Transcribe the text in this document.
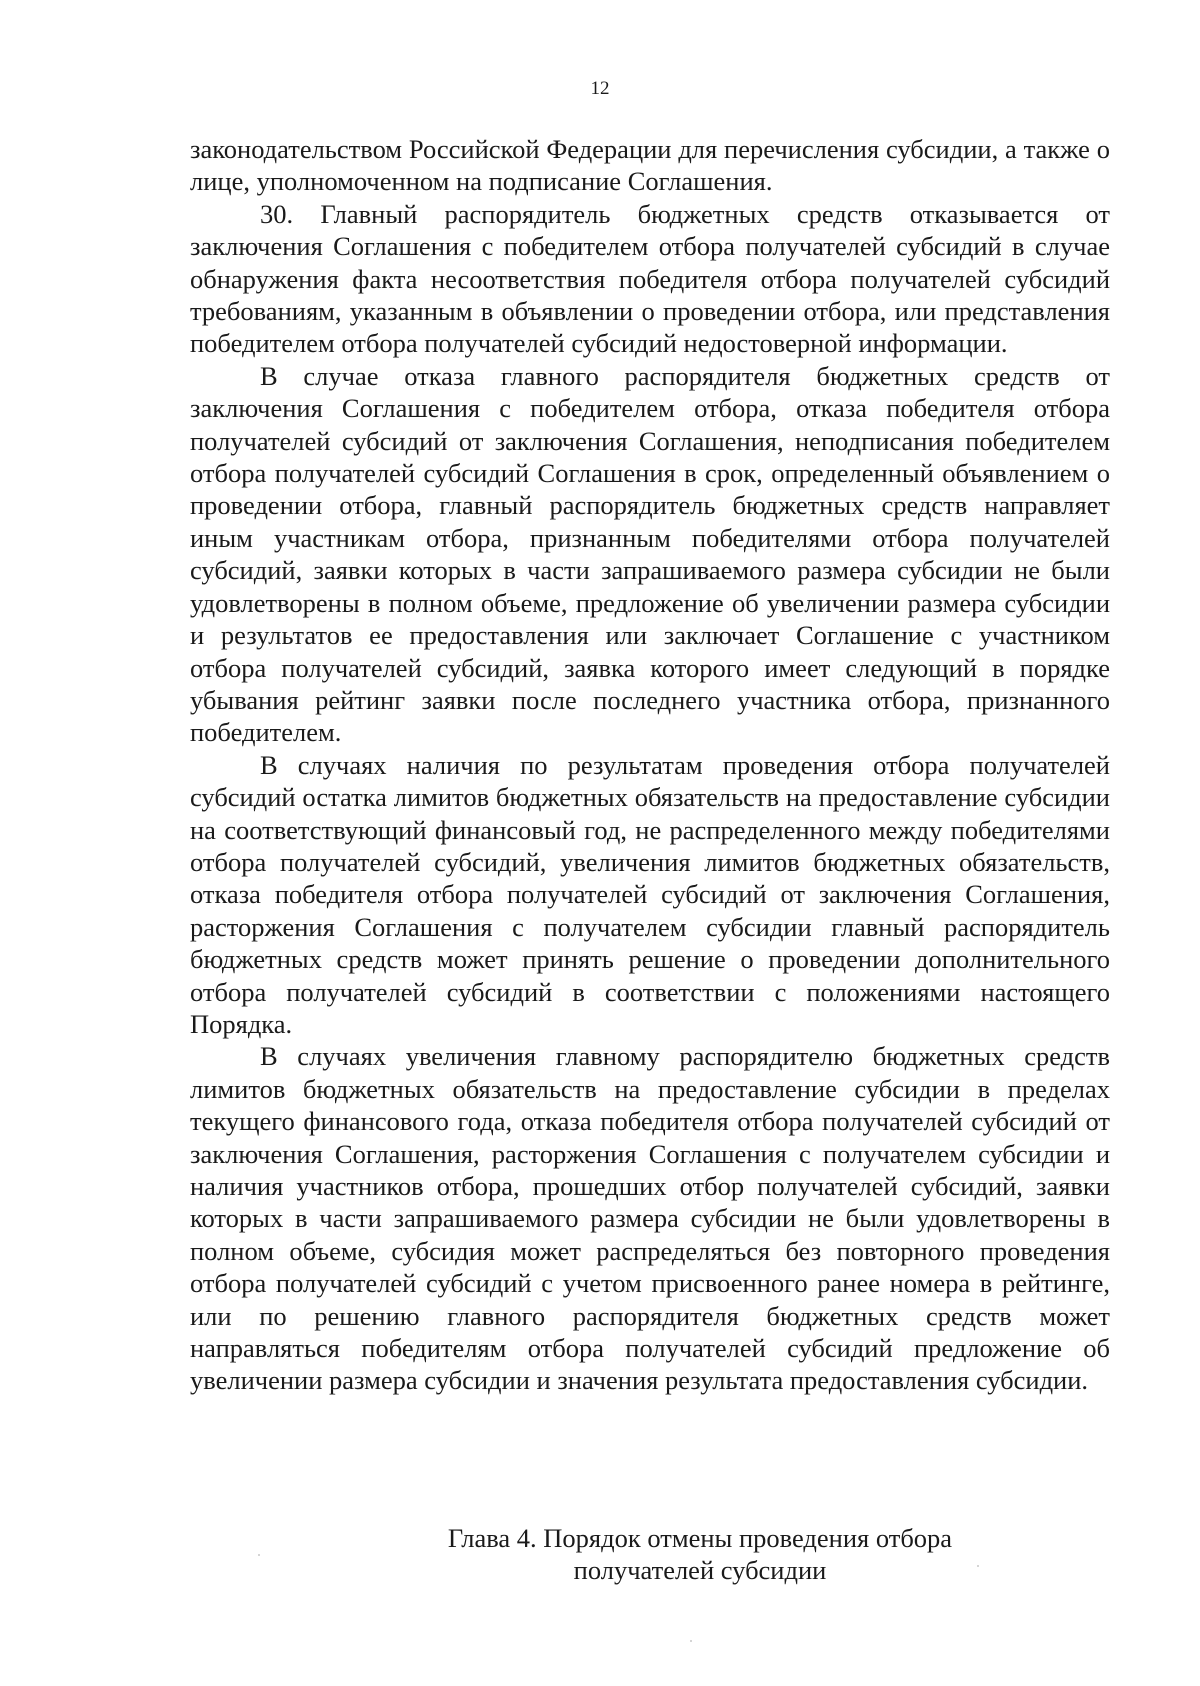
12

законодательством Российской Федерации для перечисления субсидии, а также о лице, уполномоченном на подписание Соглашения.

30. Главный распорядитель бюджетных средств отказывается от заключения Соглашения с победителем отбора получателей субсидий в случае обнаружения факта несоответствия победителя отбора получателей субсидий требованиям, указанным в объявлении о проведении отбора, или представления победителем отбора получателей субсидий недостоверной информации.

В случае отказа главного распорядителя бюджетных средств от заключения Соглашения с победителем отбора, отказа победителя отбора получателей субсидий от заключения Соглашения, неподписания победителем отбора получателей субсидий Соглашения в срок, определенный объявлением о проведении отбора, главный распорядитель бюджетных средств направляет иным участникам отбора, признанным победителями отбора получателей субсидий, заявки которых в части запрашиваемого размера субсидии не были удовлетворены в полном объеме, предложение об увеличении размера субсидии и результатов ее предоставления или заключает Соглашение с участником отбора получателей субсидий, заявка которого имеет следующий в порядке убывания рейтинг заявки после последнего участника отбора, признанного победителем.

В случаях наличия по результатам проведения отбора получателей субсидий остатка лимитов бюджетных обязательств на предоставление субсидии на соответствующий финансовый год, не распределенного между победителями отбора получателей субсидий, увеличения лимитов бюджетных обязательств, отказа победителя отбора получателей субсидий от заключения Соглашения, расторжения Соглашения с получателем субсидии главный распорядитель бюджетных средств может принять решение о проведении дополнительного отбора получателей субсидий в соответствии с положениями настоящего Порядка.

В случаях увеличения главному распорядителю бюджетных средств лимитов бюджетных обязательств на предоставление субсидии в пределах текущего финансового года, отказа победителя отбора получателей субсидий от заключения Соглашения, расторжения Соглашения с получателем субсидии и наличия участников отбора, прошедших отбор получателей субсидий, заявки которых в части запрашиваемого размера субсидии не были удовлетворены в полном объеме, субсидия может распределяться без повторного проведения отбора получателей субсидий с учетом присвоенного ранее номера в рейтинге, или по решению главного распорядителя бюджетных средств может направляться победителям отбора получателей субсидий предложение об увеличении размера субсидии и значения результата предоставления субсидии.

Глава 4. Порядок отмены проведения отбора
получателей субсидии
